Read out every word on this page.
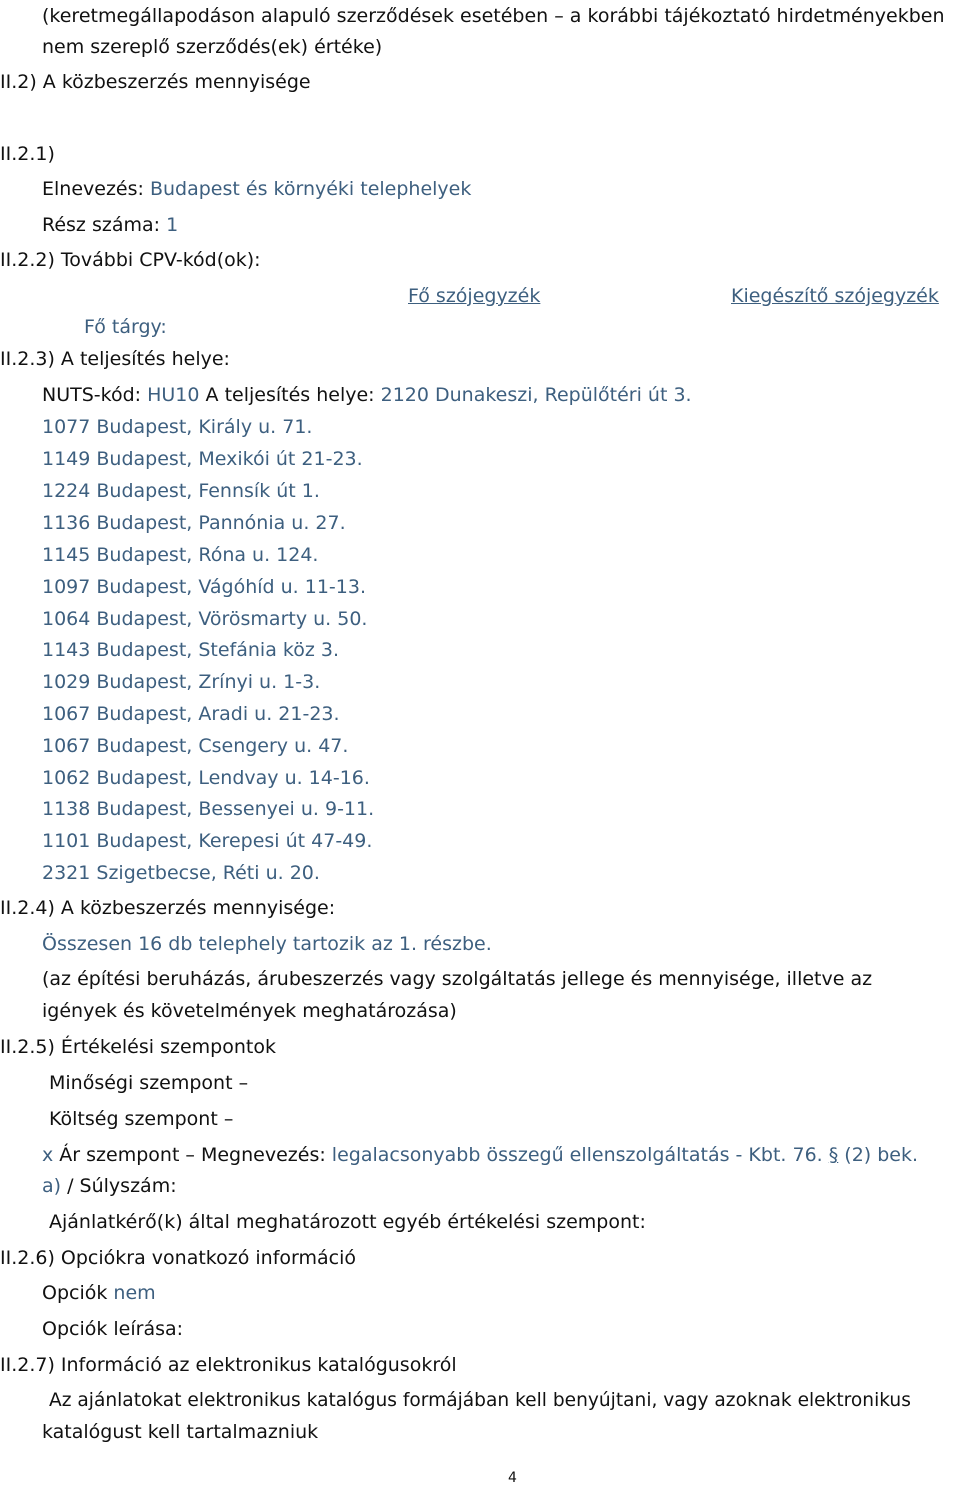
(keretmegállapodáson alapuló szerződések esetében – a korábbi tájékoztató hirdetményekben
nem szereplő szerződés(ek) értéke)
II.2) A közbeszerzés mennyisége
II.2.1)
Elnevezés: Budapest és környéki telephelyek
Rész száma: 1
II.2.2) További CPV-kód(ok):
Fő szójegyzék	Kiegészítő szójegyzék
Fő tárgy:
II.2.3) A teljesítés helye:
NUTS-kód: HU10 A teljesítés helye: 2120 Dunakeszi, Repülőtéri út 3.
1077 Budapest, Király u. 71.
1149 Budapest, Mexikói út 21-23.
1224 Budapest, Fennsík út 1.
1136 Budapest, Pannónia u. 27.
1145 Budapest, Róna u. 124.
1097 Budapest, Vágóhíd u. 11-13.
1064 Budapest, Vörösmarty u. 50.
1143 Budapest, Stefánia köz 3.
1029 Budapest, Zrínyi u. 1-3.
1067 Budapest, Aradi u. 21-23.
1067 Budapest, Csengery u. 47.
1062 Budapest, Lendvay u. 14-16.
1138 Budapest, Bessenyei u. 9-11.
1101 Budapest, Kerepesi út 47-49.
2321 Szigetbecse, Réti u. 20.
II.2.4) A közbeszerzés mennyisége:
Összesen 16 db telephely tartozik az 1. részbe.
(az építési beruházás, árubeszerzés vagy szolgáltatás jellege és mennyisége, illetve az
igények és követelmények meghatározása)
II.2.5) Értékelési szempontok
Minőségi szempont –
Költség szempont –
x Ár szempont – Megnevezés: legalacsonyabb összegű ellenszolgáltatás - Kbt. 76. § (2) bek.
a) / Súlyszám:
Ajánlatkérő(k) által meghatározott egyéb értékelési szempont:
II.2.6) Opciókra vonatkozó információ
Opciók nem
Opciók leírása:
II.2.7) Információ az elektronikus katalógusokról
Az ajánlatokat elektronikus katalógus formájában kell benyújtani, vagy azoknak elektronikus
katalógust kell tartalmazniuk
4
